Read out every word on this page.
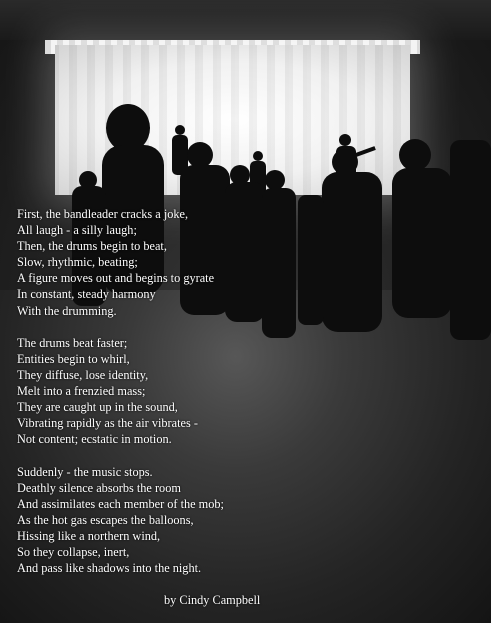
First, the bandleader cracks a joke,
All laugh - a silly laugh;
Then, the drums begin to beat,
Slow, rhythmic, beating;
A figure moves out and begins to gyrate
In constant, steady harmony
With the drumming.
The drums beat faster;
Entities begin to whirl,
They diffuse, lose identity,
Melt into a frenzied mass;
They are caught up in the sound,
Vibrating rapidly as the air vibrates -
Not content; ecstatic in motion.
Suddenly - the music stops.
Deathly silence absorbs the room
And assimilates each member of the mob;
As the hot gas escapes the balloons,
Hissing like a northern wind,
So they collapse, inert,
And pass like shadows into the night.
by Cindy Campbell
